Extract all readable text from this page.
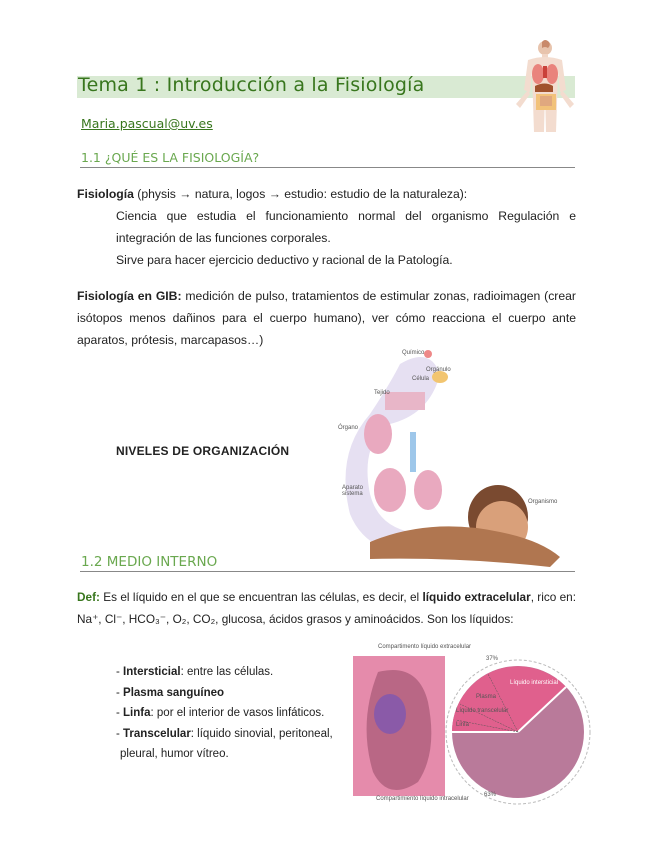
Tema 1 : Introducción a la Fisiología
Maria.pascual@uv.es
1.1 ¿QUÉ ES LA FISIOLOGÍA?
Fisiología (physis → natura, logos → estudio: estudio de la naturaleza):
Ciencia que estudia el funcionamiento normal del organismo Regulación e integración de las funciones corporales.
Sirve para hacer ejercicio deductivo y racional de la Patología.
Fisiología en GIB: medición de pulso, tratamientos de estimular zonas, radioimagen (crear isótopos menos dañinos para el cuerpo humano), ver cómo reacciona el cuerpo ante aparatos, prótesis, marcapasos…)
NIVELES DE ORGANIZACIÓN
Químico
Orgánulo
Célula
Tejido
Órgano
Aparato sistema
Organismo
1.2 MEDIO INTERNO
Def: Es el líquido en el que se encuentran las células, es decir, el líquido extracelular, rico en: Na⁺, Cl⁻, HCO₃⁻, O₂, CO₂, glucosa, ácidos grasos y aminoácidos. Son los líquidos:
- Intersticial: entre las células.
- Plasma sanguíneo
- Linfa: por el interior de vasos linfáticos.
- Transcelular: líquido sinovial, peritoneal, pleural, humor vítreo.
Compartimento líquido extracelular
Compartimiento líquido intracelular
37%
63%
Líquido intersticial
Plasma
Líquido transcelular
Linfa
